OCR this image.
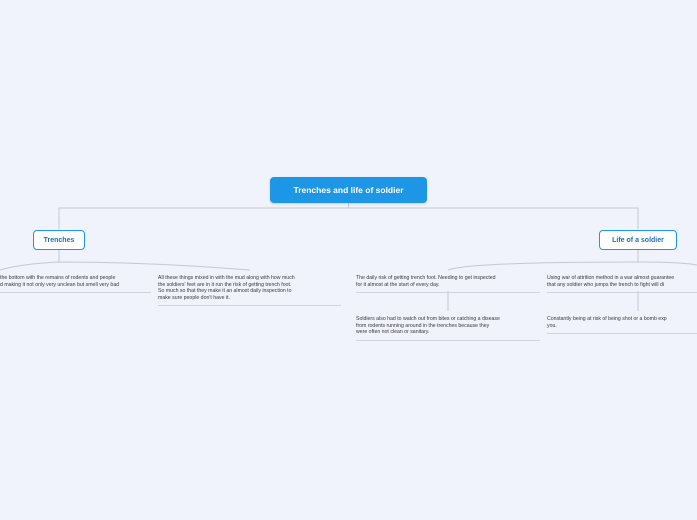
Trenches and life of soldier
Trenches	Life of a soldier
the bottom with the remains of rodents and people
d making it not only very unclean but smell very bad
All these things mixed in with the mud along with how much
the soldiers' feet are in it run the risk of getting trench foot.
So much so that they make it an almost daily inspection to
make sure people don't have it.
The daily risk of getting trench foot. Needing to get inspected
for it almost at the start of every day.
Soldiers also had to watch out from bites or catching a disease
from rodents running around in the trenches because they
were often not clean or sanitary.
Using war of attrition method in a war almost guarantee
that any soldier who jumps the trench to fight will di
Constantly being at risk of being shot or a bomb exp
you.
